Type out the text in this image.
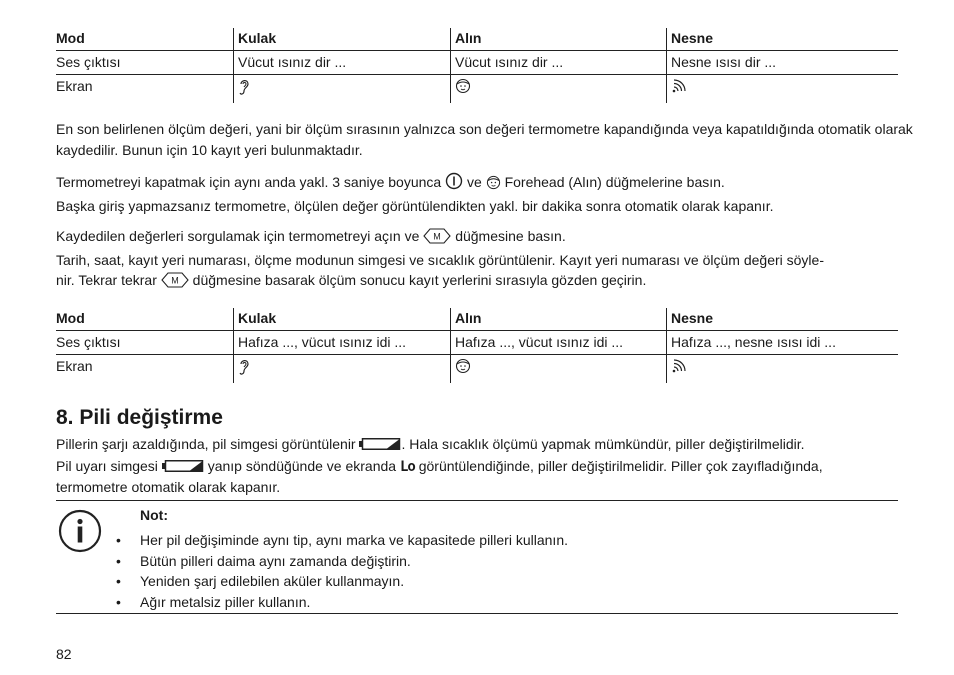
Mod	Kulak	Alın	Nesne
Ses çıktısı	Vücut ısınız dir ...	Vücut ısınız dir ...	Nesne ısısı dir ...
Ekran
En son belirlenen ölçüm değeri, yani bir ölçüm sırasının yalnızca son değeri termometre kapandığında veya kapatıldığında otomatik olarak kaydedilir. Bunun için 10 kayıt yeri bulunmaktadır.
Termometreyi kapatmak için aynı anda yakl. 3 saniye boyunca ve Forehead (Alın) düğmelerine basın.
Başka giriş yapmazsanız termometre, ölçülen değer görüntülendikten yakl. bir dakika sonra otomatik olarak kapanır.
Kaydedilen değerleri sorgulamak için termometreyi açın ve M düğmesine basın.
Tarih, saat, kayıt yeri numarası, ölçme modunun simgesi ve sıcaklık görüntülenir. Kayıt yeri numarası ve ölçüm değeri söyle-
nir. Tekrar tekrar M düğmesine basarak ölçüm sonucu kayıt yerlerini sırasıyla gözden geçirin.
Mod	Kulak	Alın	Nesne
Ses çıktısı	Hafıza ..., vücut ısınız idi ...	Hafıza ..., vücut ısınız idi ...	Hafıza ..., nesne ısısı idi ...
Ekran
8. Pili değiştirme
Pillerin şarjı azaldığında, pil simgesi görüntülenir	. Hala sıcaklık ölçümü yapmak mümkündür, piller değiştirilmelidir.
Pil uyarı simgesi	yanıp söndüğünde ve ekranda Lo görüntülendiğinde, piller değiştirilmelidir. Piller çok zayıfladığında,
termometre otomatik olarak kapanır.
Not:
• Her pil değişiminde aynı tip, aynı marka ve kapasitede pilleri kullanın.
• Bütün pilleri daima aynı zamanda değiştirin.
• Yeniden şarj edilebilen aküler kullanmayın.
• Ağır metalsiz piller kullanın.
82
